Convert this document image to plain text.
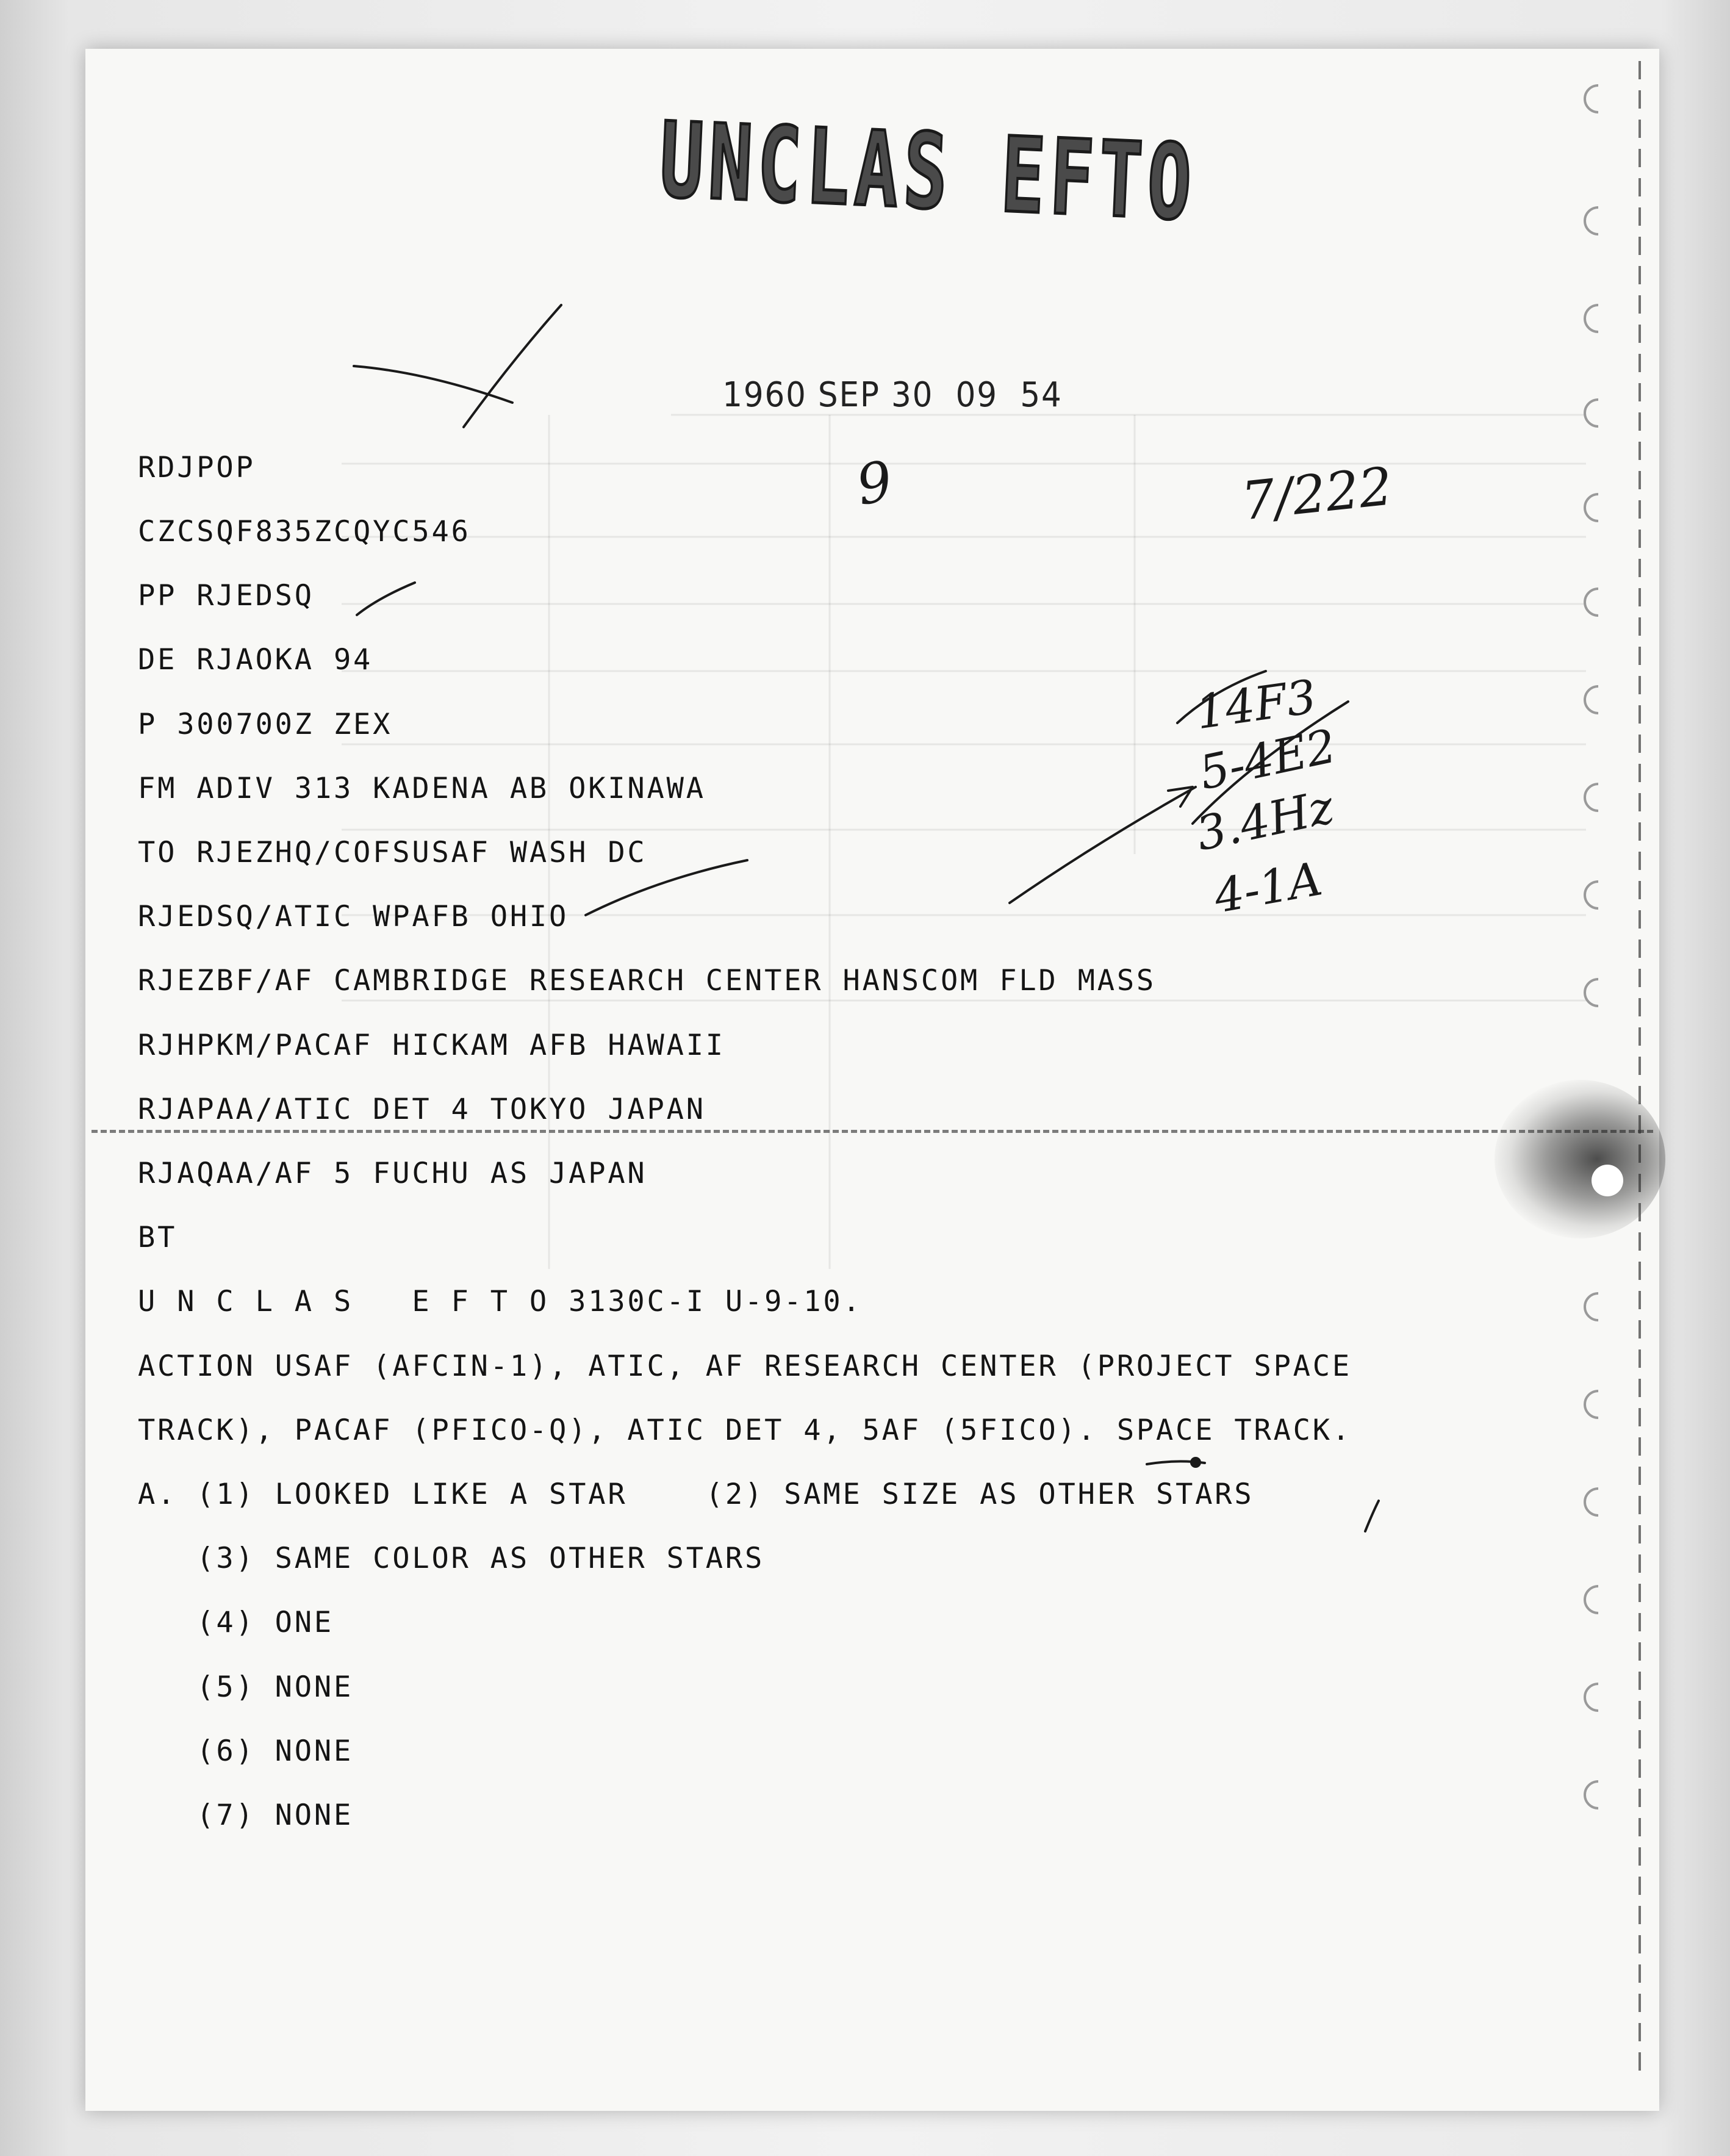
UNCLAS EFTO
1960 SEP 30  09  54
RDJPOP
CZCSQF835ZCQYC546
PP RJEDSQ
DE RJAOKA 94
P 300700Z ZEX
FM ADIV 313 KADENA AB OKINAWA
TO RJEZHQ/COFSUSAF WASH DC
RJEDSQ/ATIC WPAFB OHIO
RJEZBF/AF CAMBRIDGE RESEARCH CENTER HANSCOM FLD MASS
RJHPKM/PACAF HICKAM AFB HAWAII
RJAPAA/ATIC DET 4 TOKYO JAPAN
RJAQAA/AF 5 FUCHU AS JAPAN
BT
U N C L A S   E F T O 3130C-I U-9-10.
ACTION USAF (AFCIN-1), ATIC, AF RESEARCH CENTER (PROJECT SPACE
TRACK), PACAF (PFICO-Q), ATIC DET 4, 5AF (5FICO). SPACE TRACK.
A. (1) LOOKED LIKE A STAR    (2) SAME SIZE AS OTHER STARS
(3) SAME COLOR AS OTHER STARS
(4) ONE
(5) NONE
(6) NONE
(7) NONE
7/222
9
14F3
5-4E2
3.4Hz
4-1A
